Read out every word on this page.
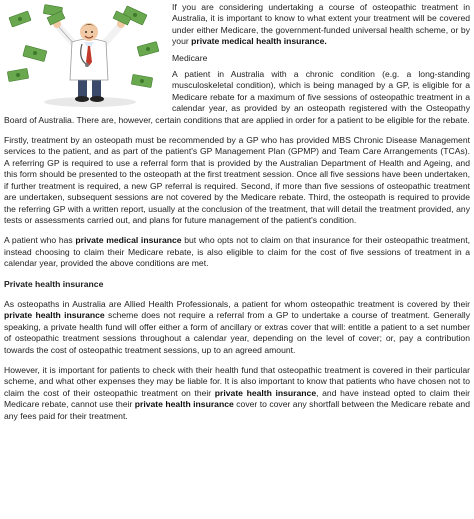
If you are considering undertaking a course of osteopathic treatment in Australia, it is important to know to what extent your treatment will be covered under either Medicare, the government-funded universal health scheme, or by your private medical health insurance.

Medicare

A patient in Australia with a chronic condition (e.g. a long-standing musculoskeletal condition), which is being managed by a GP, is eligible for a Medicare rebate for a maximum of five sessions of osteopathic treatment in a calendar year, as provided by an osteopath registered with the Osteopathy Board of Australia. There are, however, certain conditions that are applied in order for a patient to be eligible for the rebate.

Firstly, treatment by an osteopath must be recommended by a GP who has provided MBS Chronic Disease Management services to the patient, and as part of the patient's GP Management Plan (GPMP) and Team Care Arrangements (TCAs). A referring GP is required to use a referral form that is provided by the Australian Department of Health and Ageing, and this form should be presented to the osteopath at the first treatment session. Once all five sessions have been undertaken, if further treatment is required, a new GP referral is required. Second, if more than five sessions of osteopathic treatment are undertaken, subsequent sessions are not covered by the Medicare rebate. Third, the osteopath is required to provide the referring GP with a written report, usually at the conclusion of the treatment, that will detail the treatment provided, any tests or assessments carried out, and plans for future management of the patient's condition.

A patient who has private medical insurance but who opts not to claim on that insurance for their osteopathic treatment, instead choosing to claim their Medicare rebate, is also eligible to claim for the cost of five sessions of treatment in a calendar year, provided the above conditions are met.

Private health insurance

As osteopaths in Australia are Allied Health Professionals, a patient for whom osteopathic treatment is covered by their private health insurance scheme does not require a referral from a GP to undertake a course of treatment. Generally speaking, a private health fund will offer either a form of ancillary or extras cover that will: entitle a patient to a set number of osteopathic treatment sessions throughout a calendar year, depending on the level of cover; or, pay a contribution towards the cost of osteopathic treatment sessions, up to an agreed amount.

However, it is important for patients to check with their health fund that osteopathic treatment is covered in their particular scheme, and what other expenses they may be liable for. It is also important to know that patients who have chosen not to claim the cost of their osteopathic treatment on their private health insurance, and have instead opted to claim their Medicare rebate, cannot use their private health insurance cover to cover any shortfall between the Medicare rebate and any fees paid for their treatment.
